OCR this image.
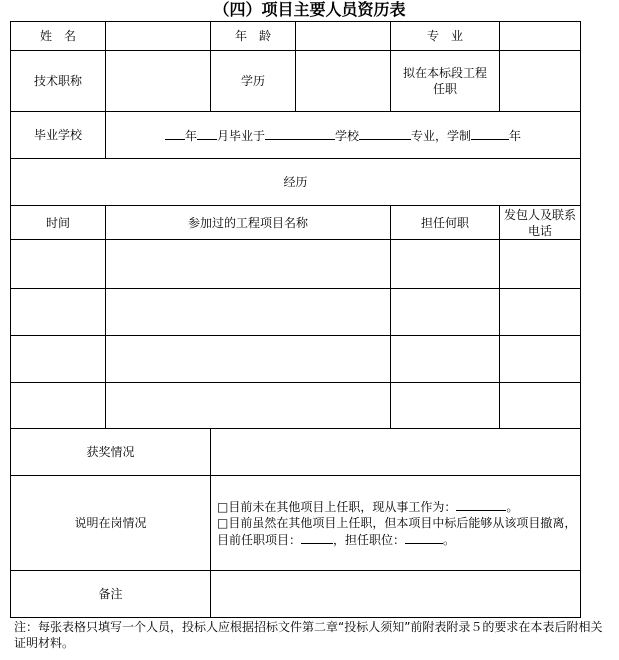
（四）项目主要人员资历表
姓　名		年　龄		专　业	
技术职称		学历		拟在本标段工程任职	
毕业学校	年 月毕业于 学校 专业，学制 年				
经历					
时间	参加过的工程项目名称			担任何职	发包人及联系电话

获奖情况					
说明在岗情况		□目前未在其他项目上任职，现从事工作为： 。
□目前虽然在其他项目上任职，但本项目中标后能够从该项目撤离，目前任职项目： ，担任职位： 。			

备注					
注：每张表格只填写一个人员，投标人应根据招标文件第二章“投标人须知”前附表附录５的要求在本表后附相关证明材料。
